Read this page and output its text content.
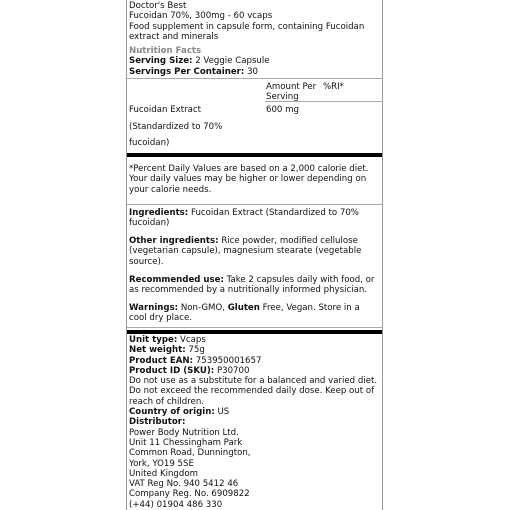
Doctor's Best

Fucoidan 70%, 300mg - 60 vcaps

Food supplement in capsule form, containing Fucoidan extract and minerals

Nutrition Facts

Serving Size: 2 Veggie Capsule

Servings Per Container: 30

Amount Per Serving
%RI*
Fucoidan Extract	600 mg
(Standardized to 70%
fucoidan)
*Percent Daily Values are based on a 2,000 calorie diet. Your daily values may be higher or lower depending on your calorie needs.

Ingredients: Fucoidan Extract (Standardized to 70% fucoidan)

Other ingredients: Rice powder, modified cellulose (vegetarian capsule), magnesium stearate (vegetable source).

Recommended use: Take 2 capsules daily with food, or as recommended by a nutritionally informed physician.

Warnings: Non-GMO, Gluten Free, Vegan. Store in a cool dry place.

Unit type: Vcaps

Net weight: 75g

Product EAN: 753950001657

Product ID (SKU): P30700

Do not use as a substitute for a balanced and varied diet. Do not exceed the recommended daily dose. Keep out of reach of children.

Country of origin: US

Distributor:

Power Body Nutrition Ltd.

Unit 11 Chessingham Park

Common Road, Dunnington,

York, YO19 5SE

United Kingdom

VAT Reg No. 940 5412 46

Company Reg. No. 6909822

(+44) 01904 486 330
